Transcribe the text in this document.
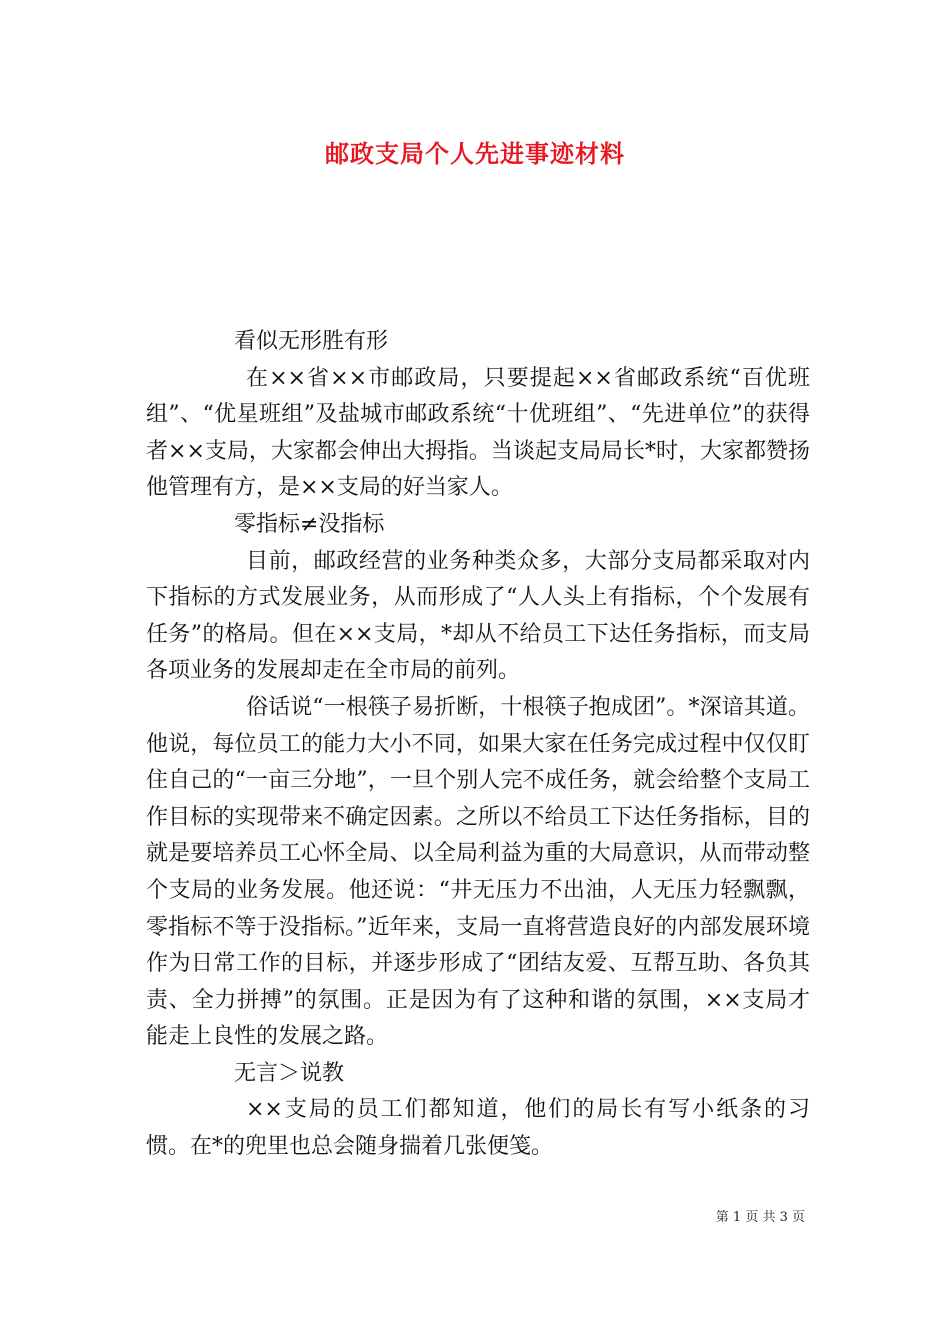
邮政支局个人先进事迹材料

看似无形胜有形

在××省××市邮政局，只要提起××省邮政系统“百优班组”、“优星班组”及盐城市邮政系统“十优班组”、“先进单位”的获得者××支局，大家都会伸出大拇指。当谈起支局局长*时，大家都赞扬他管理有方，是××支局的好当家人。

零指标≠没指标

目前，邮政经营的业务种类众多，大部分支局都采取对内下指标的方式发展业务，从而形成了“人人头上有指标，个个发展有任务”的格局。但在××支局，*却从不给员工下达任务指标，而支局各项业务的发展却走在全市局的前列。

俗话说“一根筷子易折断，十根筷子抱成团”。*深谙其道。他说，每位员工的能力大小不同，如果大家在任务完成过程中仅仅盯住自己的“一亩三分地”，一旦个别人完不成任务，就会给整个支局工作目标的实现带来不确定因素。之所以不给员工下达任务指标，目的就是要培养员工心怀全局、以全局利益为重的大局意识，从而带动整个支局的业务发展。他还说：“井无压力不出油，人无压力轻飘飘，零指标不等于没指标。”近年来，支局一直将营造良好的内部发展环境作为日常工作的目标，并逐步形成了“团结友爱、互帮互助、各负其责、全力拼搏”的氛围。正是因为有了这种和谐的氛围，××支局才能走上良性的发展之路。

无言＞说教

××支局的员工们都知道，他们的局长有写小纸条的习惯。在*的兜里也总会随身揣着几张便笺。

第 1 页 共 3 页
